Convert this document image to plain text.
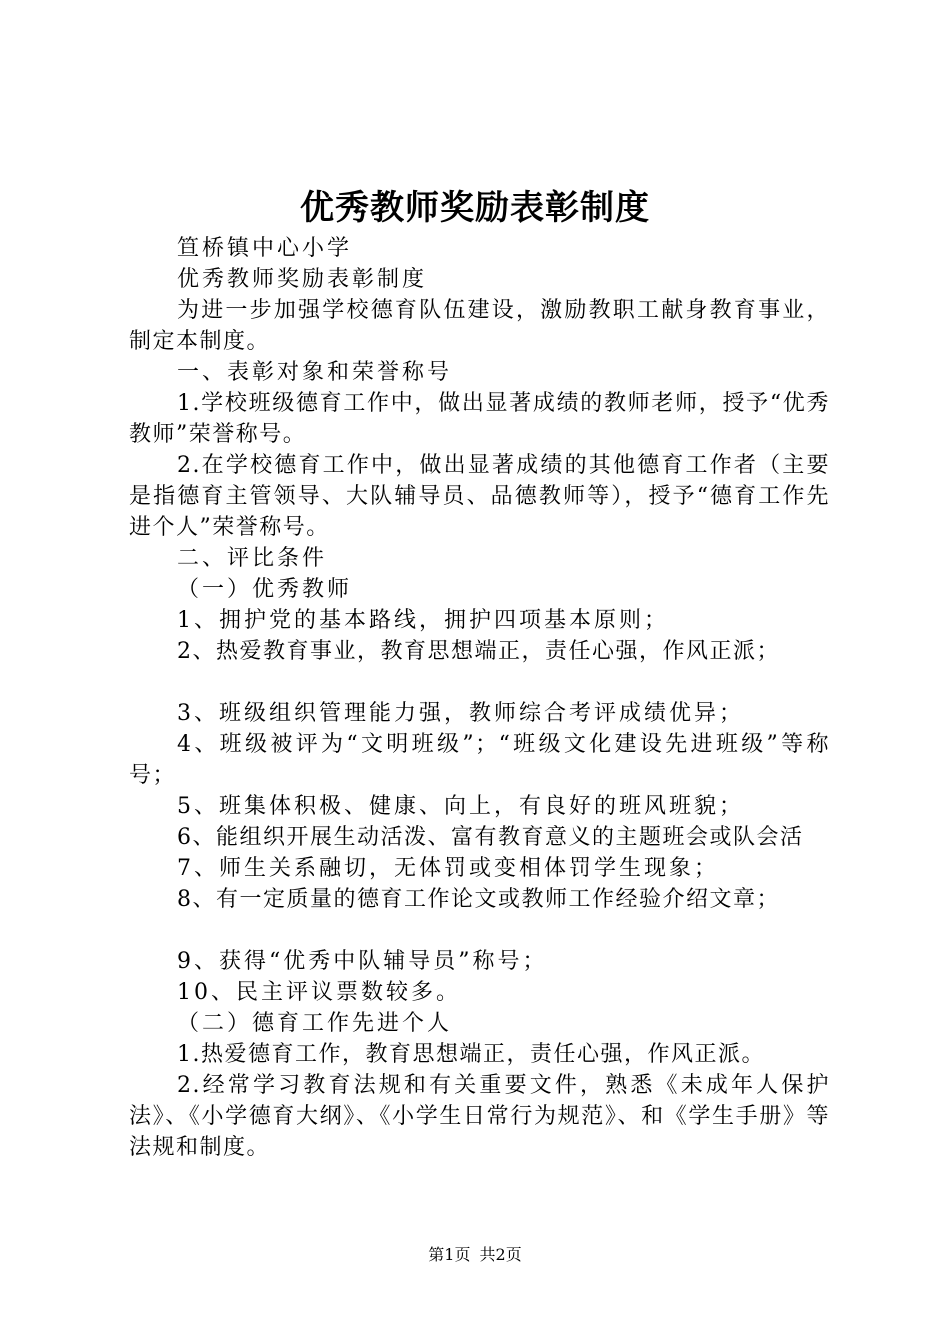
优秀教师奖励表彰制度

笪桥镇中心小学

优秀教师奖励表彰制度

为进一步加强学校德育队伍建设，激励教职工献身教育事业，制定本制度。

一、表彰对象和荣誉称号

1.学校班级德育工作中，做出显著成绩的教师老师，授予“优秀教师”荣誉称号。

2.在学校德育工作中，做出显著成绩的其他德育工作者（主要是指德育主管领导、大队辅导员、品德教师等），授予“德育工作先进个人”荣誉称号。

二、评比条件

（一）优秀教师

1、拥护党的基本路线，拥护四项基本原则；

2、热爱教育事业，教育思想端正，责任心强，作风正派；

3、班级组织管理能力强，教师综合考评成绩优异；

4、班级被评为“文明班级”；“班级文化建设先进班级”等称号；

5、班集体积极、健康、向上，有良好的班风班貌；

6、能组织开展生动活泼、富有教育意义的主题班会或队会活

7、师生关系融切，无体罚或变相体罚学生现象；

8、有一定质量的德育工作论文或教师工作经验介绍文章；

9、获得“优秀中队辅导员”称号；

10、民主评议票数较多。

（二）德育工作先进个人

1.热爱德育工作，教育思想端正，责任心强，作风正派。

2.经常学习教育法规和有关重要文件，熟悉《未成年人保护法》、《小学德育大纲》、《小学生日常行为规范》、和《学生手册》等法规和制度。

第1页 共2页
